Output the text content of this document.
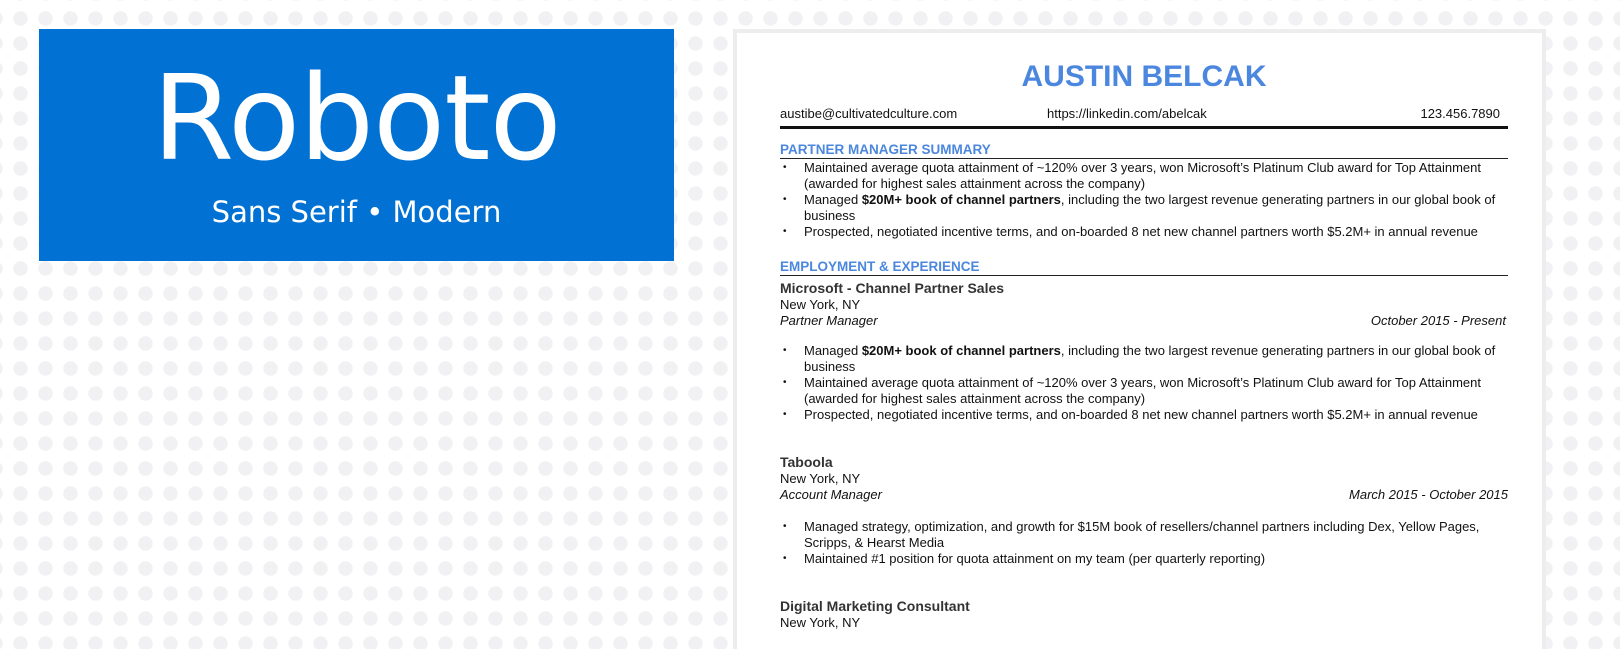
Roboto
Sans Serif • Modern
AUSTIN BELCAK
austibe@cultivatedculture.com	https://linkedin.com/abelcak	123.456.7890
PARTNER MANAGER SUMMARY
• Maintained average quota attainment of ~120% over 3 years, won Microsoft’s Platinum Club award for Top Attainment (awarded for highest sales attainment across the company)
• Managed $20M+ book of channel partners, including the two largest revenue generating partners in our global book of business
• Prospected, negotiated incentive terms, and on-boarded 8 net new channel partners worth $5.2M+ in annual revenue
EMPLOYMENT & EXPERIENCE
Microsoft - Channel Partner Sales
New York, NY
Partner Manager	October 2015 - Present
• Managed $20M+ book of channel partners, including the two largest revenue generating partners in our global book of business
• Maintained average quota attainment of ~120% over 3 years, won Microsoft’s Platinum Club award for Top Attainment (awarded for highest sales attainment across the company)
• Prospected, negotiated incentive terms, and on-boarded 8 net new channel partners worth $5.2M+ in annual revenue
Taboola
New York, NY
Account Manager	March 2015 - October 2015
• Managed strategy, optimization, and growth for $15M book of resellers/channel partners including Dex, Yellow Pages, Scripps, & Hearst Media
• Maintained #1 position for quota attainment on my team (per quarterly reporting)
Digital Marketing Consultant
New York, NY
